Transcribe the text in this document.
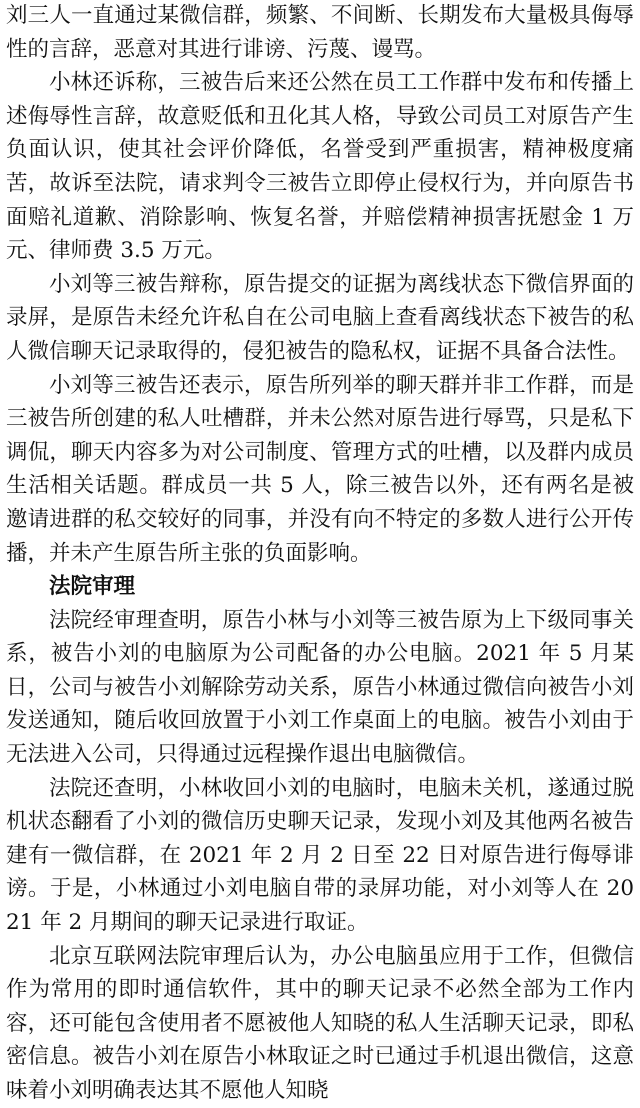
刘三人一直通过某微信群，频繁、不间断、长期发布大量极具侮辱性的言辞，恶意对其进行诽谤、污蔑、谩骂。

小林还诉称，三被告后来还公然在员工工作群中发布和传播上述侮辱性言辞，故意贬低和丑化其人格，导致公司员工对原告产生负面认识，使其社会评价降低，名誉受到严重损害，精神极度痛苦，故诉至法院，请求判令三被告立即停止侵权行为，并向原告书面赔礼道歉、消除影响、恢复名誉，并赔偿精神损害抚慰金 1 万元、律师费 3.5 万元。

小刘等三被告辩称，原告提交的证据为离线状态下微信界面的录屏，是原告未经允许私自在公司电脑上查看离线状态下被告的私人微信聊天记录取得的，侵犯被告的隐私权，证据不具备合法性。

小刘等三被告还表示，原告所列举的聊天群并非工作群，而是三被告所创建的私人吐槽群，并未公然对原告进行辱骂，只是私下调侃，聊天内容多为对公司制度、管理方式的吐槽，以及群内成员生活相关话题。群成员一共 5 人，除三被告以外，还有两名是被邀请进群的私交较好的同事，并没有向不特定的多数人进行公开传播，并未产生原告所主张的负面影响。

法院审理

法院经审理查明，原告小林与小刘等三被告原为上下级同事关系，被告小刘的电脑原为公司配备的办公电脑。2021 年 5 月某日，公司与被告小刘解除劳动关系，原告小林通过微信向被告小刘发送通知，随后收回放置于小刘工作桌面上的电脑。被告小刘由于无法进入公司，只得通过远程操作退出电脑微信。

法院还查明，小林收回小刘的电脑时，电脑未关机，遂通过脱机状态翻看了小刘的微信历史聊天记录，发现小刘及其他两名被告建有一微信群，在 2021 年 2 月 2 日至 22 日对原告进行侮辱诽谤。于是，小林通过小刘电脑自带的录屏功能，对小刘等人在 2021 年 2 月期间的聊天记录进行取证。

北京互联网法院审理后认为，办公电脑虽应用于工作，但微信作为常用的即时通信软件，其中的聊天记录不必然全部为工作内容，还可能包含使用者不愿被他人知晓的私人生活聊天记录，即私密信息。被告小刘在原告小林取证之时已通过手机退出微信，这意味着小刘明确表达其不愿他人知晓
